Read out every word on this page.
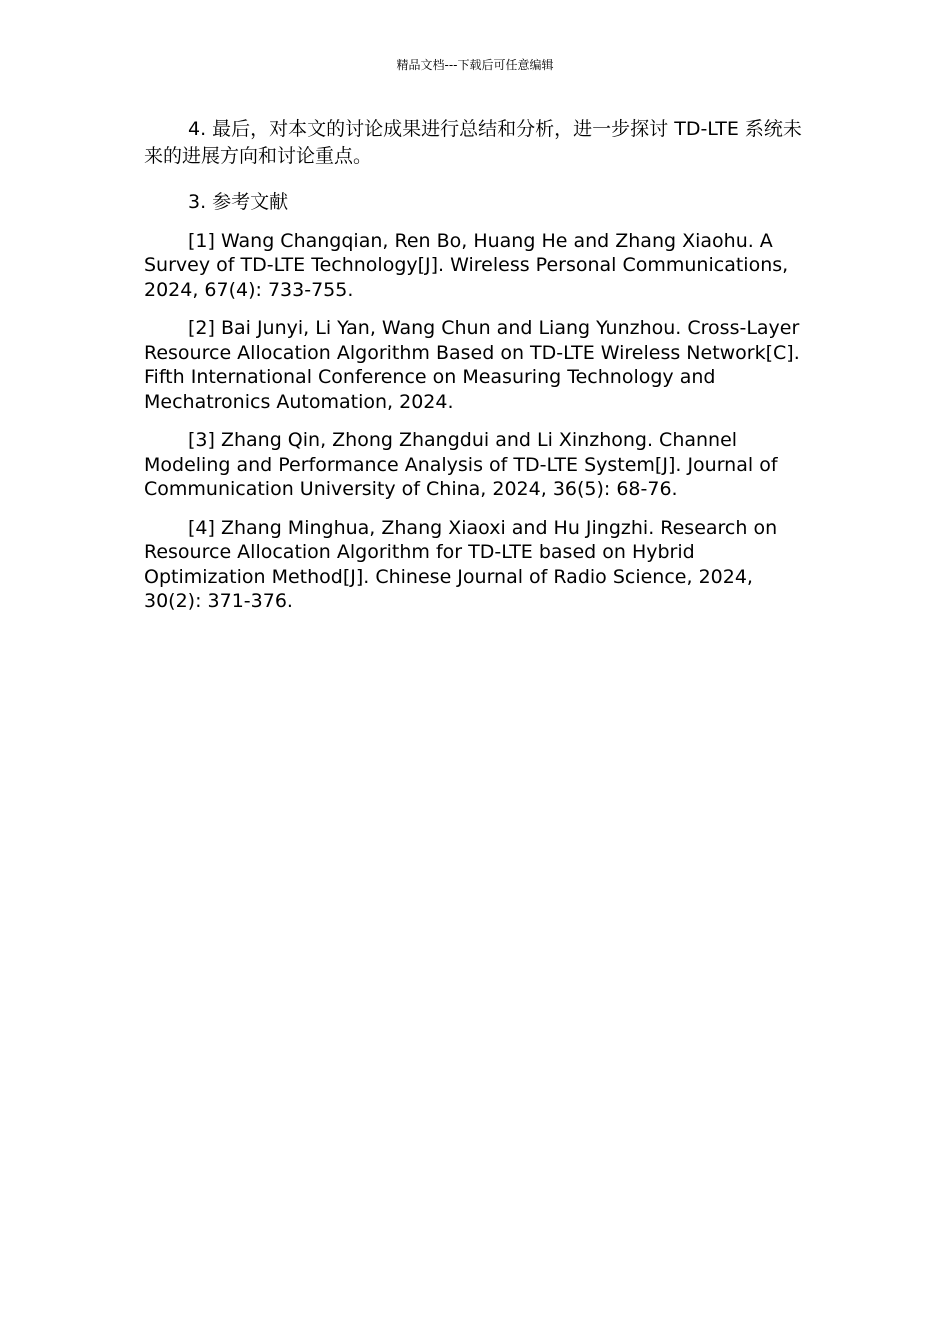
精品文档---下载后可任意编辑

4. 最后，对本文的讨论成果进行总结和分析，进一步探讨 TD-LTE 系统未来的进展方向和讨论重点。

3. 参考文献

[1] Wang Changqian, Ren Bo, Huang He and Zhang Xiaohu. A Survey of TD-LTE Technology[J]. Wireless Personal Communications, 2024, 67(4): 733-755.

[2] Bai Junyi, Li Yan, Wang Chun and Liang Yunzhou. Cross-Layer Resource Allocation Algorithm Based on TD-LTE Wireless Network[C]. Fifth International Conference on Measuring Technology and Mechatronics Automation, 2024.

[3] Zhang Qin, Zhong Zhangdui and Li Xinzhong. Channel Modeling and Performance Analysis of TD-LTE System[J]. Journal of Communication University of China, 2024, 36(5): 68-76.

[4] Zhang Minghua, Zhang Xiaoxi and Hu Jingzhi. Research on Resource Allocation Algorithm for TD-LTE based on Hybrid Optimization Method[J]. Chinese Journal of Radio Science, 2024, 30(2): 371-376.
